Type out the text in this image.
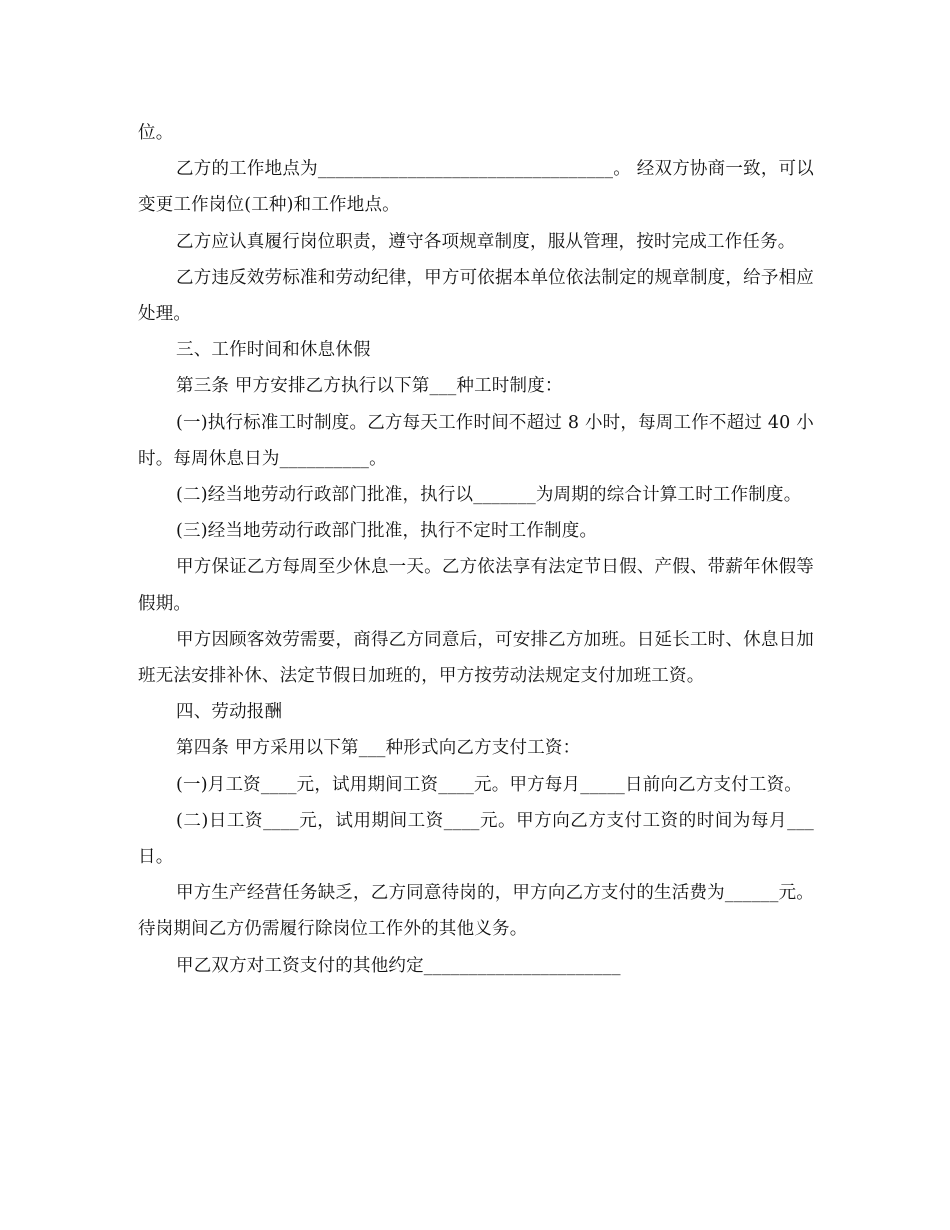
位。

乙方的工作地点为_________________________________。 经双方协商一致，可以变更工作岗位(工种)和工作地点。

乙方应认真履行岗位职责，遵守各项规章制度，服从管理，按时完成工作任务。

乙方违反效劳标准和劳动纪律，甲方可依据本单位依法制定的规章制度，给予相应处理。

三、工作时间和休息休假

第三条 甲方安排乙方执行以下第___种工时制度：

(一)执行标准工时制度。乙方每天工作时间不超过 8 小时，每周工作不超过 40 小时。每周休息日为__________。

(二)经当地劳动行政部门批准，执行以_______为周期的综合计算工时工作制度。

(三)经当地劳动行政部门批准，执行不定时工作制度。

甲方保证乙方每周至少休息一天。乙方依法享有法定节日假、产假、带薪年休假等假期。

甲方因顾客效劳需要，商得乙方同意后，可安排乙方加班。日延长工时、休息日加班无法安排补休、法定节假日加班的，甲方按劳动法规定支付加班工资。

四、劳动报酬

第四条 甲方采用以下第___种形式向乙方支付工资：

(一)月工资____元，试用期间工资____元。甲方每月_____日前向乙方支付工资。

(二)日工资____元，试用期间工资____元。甲方向乙方支付工资的时间为每月___日。

甲方生产经营任务缺乏，乙方同意待岗的，甲方向乙方支付的生活费为______元。待岗期间乙方仍需履行除岗位工作外的其他义务。

甲乙双方对工资支付的其他约定______________________
